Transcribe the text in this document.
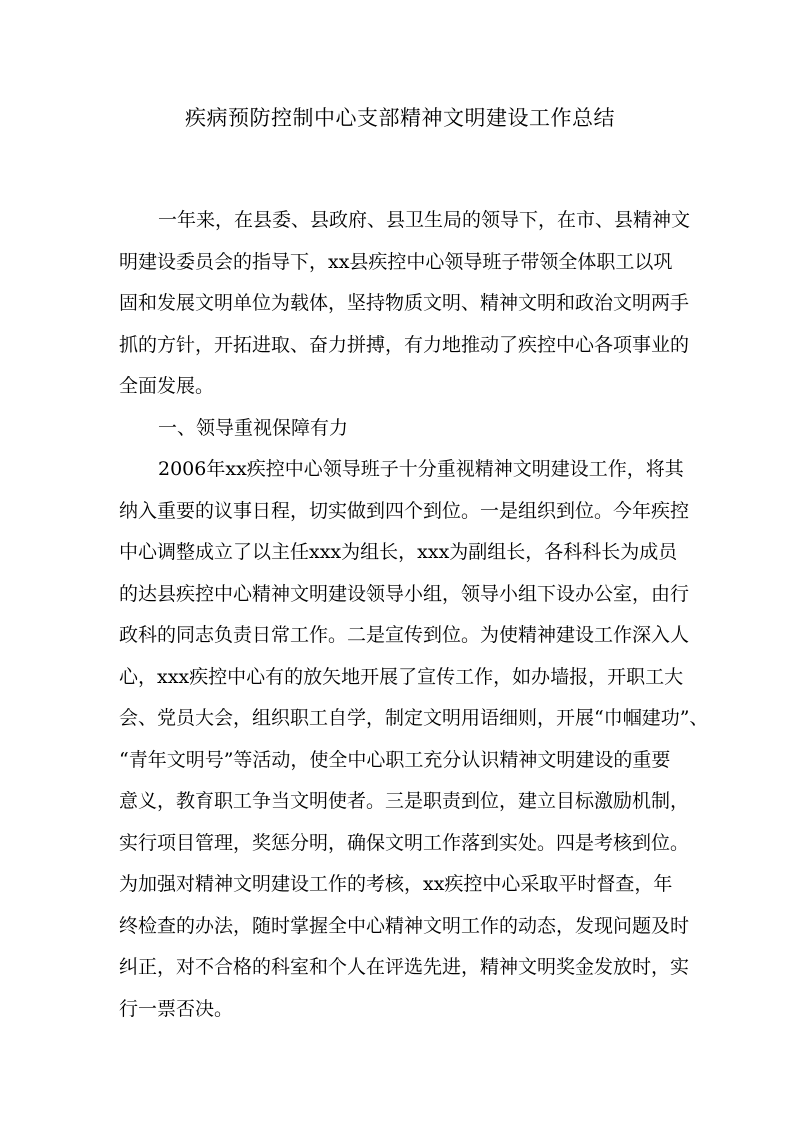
疾病预防控制中心支部精神文明建设工作总结
一年来，在县委、县政府、县卫生局的领导下，在市、县精神文
明建设委员会的指导下，xx县疾控中心领导班子带领全体职工以巩
固和发展文明单位为载体，坚持物质文明、精神文明和政治文明两手
抓的方针，开拓进取、奋力拼搏，有力地推动了疾控中心各项事业的
全面发展。
一、领导重视保障有力
2006年xx疾控中心领导班子十分重视精神文明建设工作，将其
纳入重要的议事日程，切实做到四个到位。一是组织到位。今年疾控
中心调整成立了以主任xxx为组长，xxx为副组长，各科科长为成员
的达县疾控中心精神文明建设领导小组，领导小组下设办公室，由行
政科的同志负责日常工作。二是宣传到位。为使精神建设工作深入人
心，xxx疾控中心有的放矢地开展了宣传工作，如办墙报，开职工大
会、党员大会，组织职工自学，制定文明用语细则，开展“巾帼建功”、
“青年文明号”等活动，使全中心职工充分认识精神文明建设的重要
意义，教育职工争当文明使者。三是职责到位，建立目标激励机制，
实行项目管理，奖惩分明，确保文明工作落到实处。四是考核到位。
为加强对精神文明建设工作的考核，xx疾控中心采取平时督查，年
终检查的办法，随时掌握全中心精神文明工作的动态，发现问题及时
纠正，对不合格的科室和个人在评选先进，精神文明奖金发放时，实
行一票否决。
